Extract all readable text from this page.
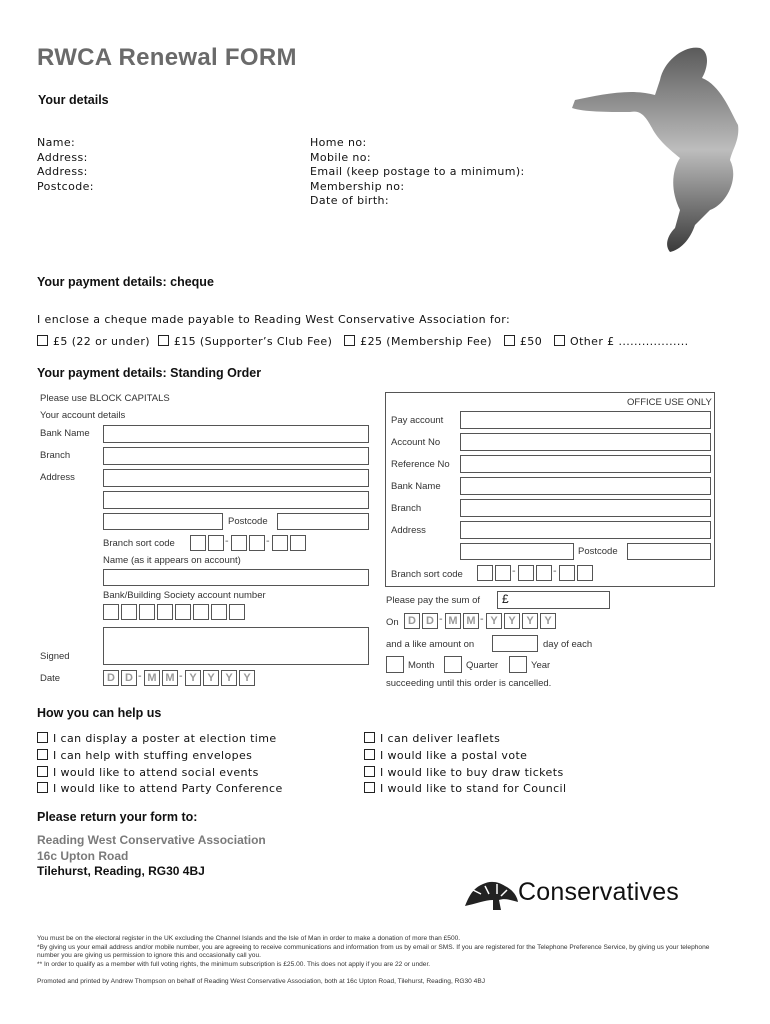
RWCA Renewal FORM
Your details
Name:
Address:
Address:
Postcode:
Home no:
Mobile no:
Email (keep postage to a minimum):
Membership no:
Date of birth:
Your payment details: cheque
I enclose a cheque made payable to Reading West Conservative Association for:
£5 (22 or under) £15 (Supporter’s Club Fee)	£25 (Membership Fee)	£50	Other £ ..................
Your payment details: Standing Order
Please use BLOCK CAPITALS
Your account details
Bank Name
Branch
Address
Postcode
Branch sort code	-	-
Name (as it appears on account)
Bank/Building Society account number
Signed
Date	D D - M M - Y Y Y Y
OFFICE USE ONLY
Pay account
Account No
Reference No
Bank Name
Branch
Address
Postcode
Branch sort code	-	-
Please pay the sum of	£
On D D - M M - Y Y Y Y
and a like amount on	day of each
Month	Quarter	Year
succeeding until this order is cancelled.
How you can help us
I can display a poster at election time
I can help with stuffing envelopes
I would like to attend social events
I would like to attend Party Conference
I can deliver leaflets
I would like a postal vote
I would like to buy draw tickets
I would like to stand for Council
Please return your form to:
Reading West Conservative Association
16c Upton Road
Tilehurst, Reading, RG30 4BJ
Conservatives
You must be on the electoral register in the UK excluding the Channel Islands and the Isle of Man in order to make a donation of more than £500.
*By giving us your email address and/or mobile number, you are agreeing to receive communications and information from us by email or SMS. If you are registered for the Telephone Preference Service, by giving us your telephone number you are giving us permission to ignore this and occasionally call you.
** In order to qualify as a member with full voting rights, the minimum subscription is £25.00. This does not apply if you are 22 or under.
Promoted and printed by Andrew Thompson on behalf of Reading West Conservative Association, both at 16c Upton Road, Tilehurst, Reading, RG30 4BJ
